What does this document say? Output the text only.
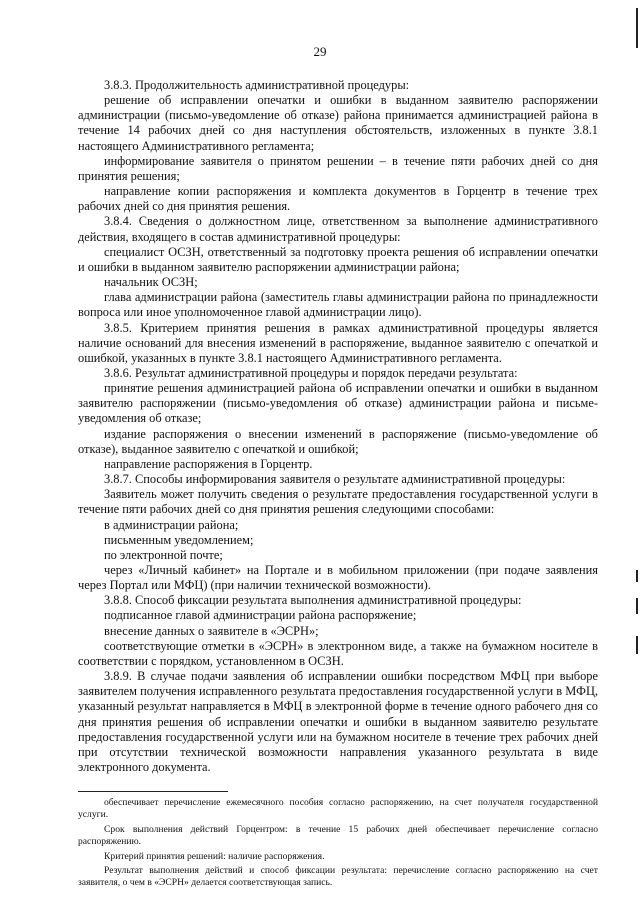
29

3.8.3. Продолжительность административной процедуры:

решение об исправлении опечатки и ошибки в выданном заявителю распоряжении администрации (письмо-уведомление об отказе) района принимается администрацией района в течение 14 рабочих дней со дня наступления обстоятельств, изложенных в пункте 3.8.1 настоящего Административного регламента;

информирование заявителя о принятом решении – в течение пяти рабочих дней со дня принятия решения;

направление копии распоряжения и комплекта документов в Горцентр в течение трех рабочих дней со дня принятия решения.

3.8.4. Сведения о должностном лице, ответственном за выполнение административного действия, входящего в состав административной процедуры:

специалист ОСЗН, ответственный за подготовку проекта решения об исправлении опечатки и ошибки в выданном заявителю распоряжении администрации района;

начальник ОСЗН;

глава администрации района (заместитель главы администрации района по принадлежности вопроса или иное уполномоченное главой администрации лицо).

3.8.5. Критерием принятия решения в рамках административной процедуры является наличие оснований для внесения изменений в распоряжение, выданное заявителю с опечаткой и ошибкой, указанных в пункте 3.8.1 настоящего Административного регламента.

3.8.6. Результат административной процедуры и порядок передачи результата:

принятие решения администрацией района об исправлении опечатки и ошибки в выданном заявителю распоряжении (письмо-уведомления об отказе) администрации района и письме-уведомления об отказе;

издание распоряжения о внесении изменений в распоряжение (письмо-уведомление об отказе), выданное заявителю с опечаткой и ошибкой;

направление распоряжения в Горцентр.

3.8.7. Способы информирования заявителя о результате административной процедуры:

Заявитель может получить сведения о результате предоставления государственной услуги в течение пяти рабочих дней со дня принятия решения следующими способами:

в администрации района;

письменным уведомлением;

по электронной почте;

через «Личный кабинет» на Портале и в мобильном приложении (при подаче заявления через Портал или МФЦ) (при наличии технической возможности).

3.8.8. Способ фиксации результата выполнения административной процедуры:

подписанное главой администрации района распоряжение;

внесение данных о заявителе в «ЭСРН»;

соответствующие отметки в «ЭСРН» в электронном виде, а также на бумажном носителе в соответствии с порядком, установленном в ОСЗН.

3.8.9. В случае подачи заявления об исправлении ошибки посредством МФЦ при выборе заявителем получения исправленного результата предоставления государственной услуги в МФЦ, указанный результат направляется в МФЦ в электронной форме в течение одного рабочего дня со дня принятия решения об исправлении опечатки и ошибки в выданном заявителю результате предоставления государственной услуги или на бумажном носителе в течение трех рабочих дней при отсутствии технической возможности направления указанного результата в виде электронного документа.

обеспечивает перечисление ежемесячного пособия согласно распоряжению, на счет получателя государственной услуги.

Срок выполнения действий Горцентром: в течение 15 рабочих дней обеспечивает перечисление согласно распоряжению.

Критерий принятия решений: наличие распоряжения.

Результат выполнения действий и способ фиксации результата: перечисление согласно распоряжению на счет заявителя, о чем в «ЭСРН» делается соответствующая запись.
